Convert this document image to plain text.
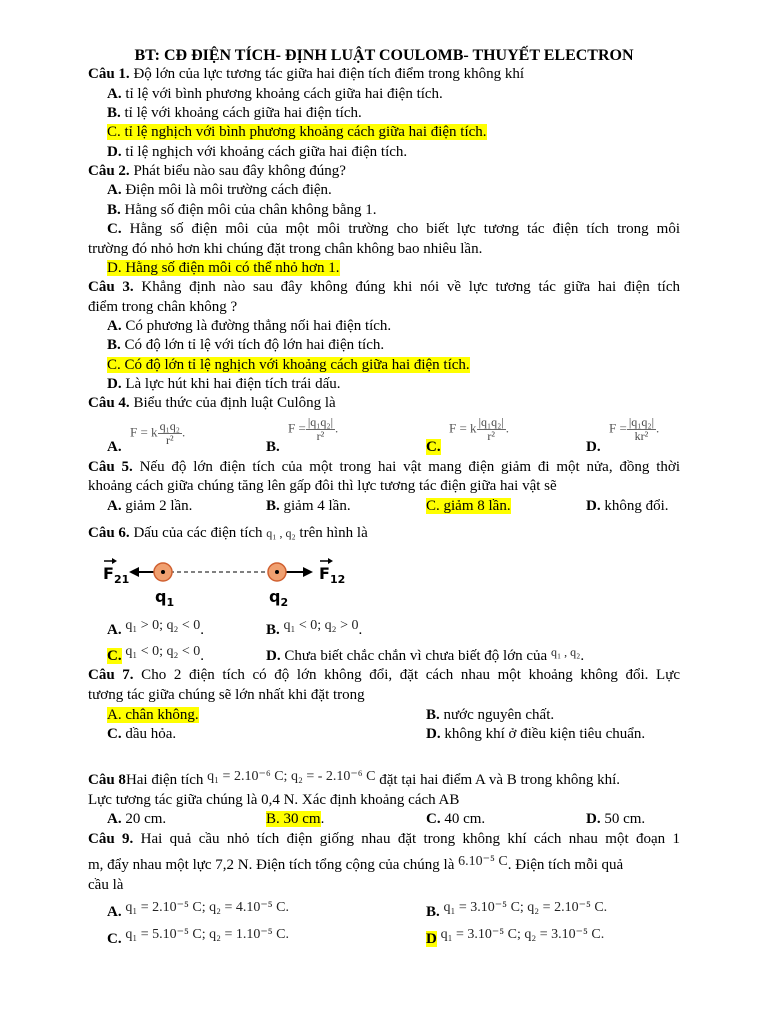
BT: CĐ ĐIỆN TÍCH- ĐỊNH LUẬT COULOMB- THUYẾT ELECTRON
Câu 1. Độ lớn của lực tương tác giữa hai điện tích điểm trong không khí
A. tỉ lệ với bình phương khoảng cách giữa hai điện tích.
B. tỉ lệ với khoảng cách giữa hai điện tích.
C. tỉ lệ nghịch với bình phương khoảng cách giữa hai điện tích.
D. tỉ lệ nghịch với khoảng cách giữa hai điện tích.
Câu 2. Phát biểu nào sau đây không đúng?
A. Điện môi là môi trường cách điện.
B. Hằng số điện môi của chân không bằng 1.
C. Hằng số điện môi của một môi trường cho biết lực tương tác điện tích trong môi
trường đó nhỏ hơn khi chúng đặt trong chân không bao nhiêu lần.
D. Hằng số điện môi có thể nhỏ hơn 1.
Câu 3. Khẳng định nào sau đây không đúng khi nói về lực tương tác giữa hai điện tích
điểm trong chân không ?
A. Có phương là đường thẳng nối hai điện tích.
B. Có độ lớn tỉ lệ với tích độ lớn hai điện tích.
C. Có độ lớn tỉ lệ nghịch với khoảng cách giữa hai điện tích.
D. Là lực hút khi hai điện tích trái dấu.
Câu 4. Biểu thức của định luật Culông là
A.
F = k $\frac{\text{q₁q₂}}{\text{r²}}$ .
B.
$F = \frac{\text{|q₁q₂|}}{\text{r²}}$ .
C.
F = k $\frac{\text{|q₁q₂|}}{\text{r²}}$ .
D.
$F = \frac{\text{|q₁q₂|}}{\text{kr²}}$ .
Câu 5. Nếu độ lớn điện tích của một trong hai vật mang điện giảm đi một nửa, đồng thời
khoảng cách giữa chúng tăng lên gấp đôi thì lực tương tác điện giữa hai vật sẽ
A. giảm 2 lần.	B. giảm 4 lần.	C. giảm 8 lần.	D. không đổi.
Câu 6. Dấu của các điện tích q₁ , q₂ trên hình là
$F_{21}$	$F_{12}$
$q_1$	$q_2$
A. q₁ > 0; q₂ < 0.	B. q₁ < 0; q₂ > 0.
C. q₁ < 0; q₂ < 0.	D. Chưa biết chắc chắn vì chưa biết độ lớn của $^{q_1 , q_2}$.
Câu 7. Cho 2 điện tích có độ lớn không đổi, đặt cách nhau một khoảng không đổi. Lực
tương tác giữa chúng sẽ lớn nhất khi đặt trong
A. chân không.	B. nước nguyên chất.
C. dầu hỏa.	D. không khí ở điều kiện tiêu chuẩn.
Câu 8Hai điện tích q₁ = 2.10⁻⁶ C; q₂ = - 2.10⁻⁶ C đặt tại hai điểm A và B trong không khí.
Lực tương tác giữa chúng là 0,4 N. Xác định khoảng cách AB
A. 20 cm.	B. 30 cm.	C. 40 cm.	D. 50 cm.
Câu 9. Hai quả cầu nhỏ tích điện giống nhau đặt trong không khí cách nhau một đoạn 1
m, đẩy nhau một lực 7,2 N. Điện tích tổng cộng của chúng là 6.10⁻⁵ C. Điện tích mỗi quả
cầu là
A. q₁ = 2.10⁻⁵ C; q₂ = 4.10⁻⁵ C.	B. q₁ = 3.10⁻⁵ C; q₂ = 2.10⁻⁵ C.
C. q₁ = 5.10⁻⁵ C; q₂ = 1.10⁻⁵ C.	D q₁ = 3.10⁻⁵ C; q₂ = 3.10⁻⁵ C.
